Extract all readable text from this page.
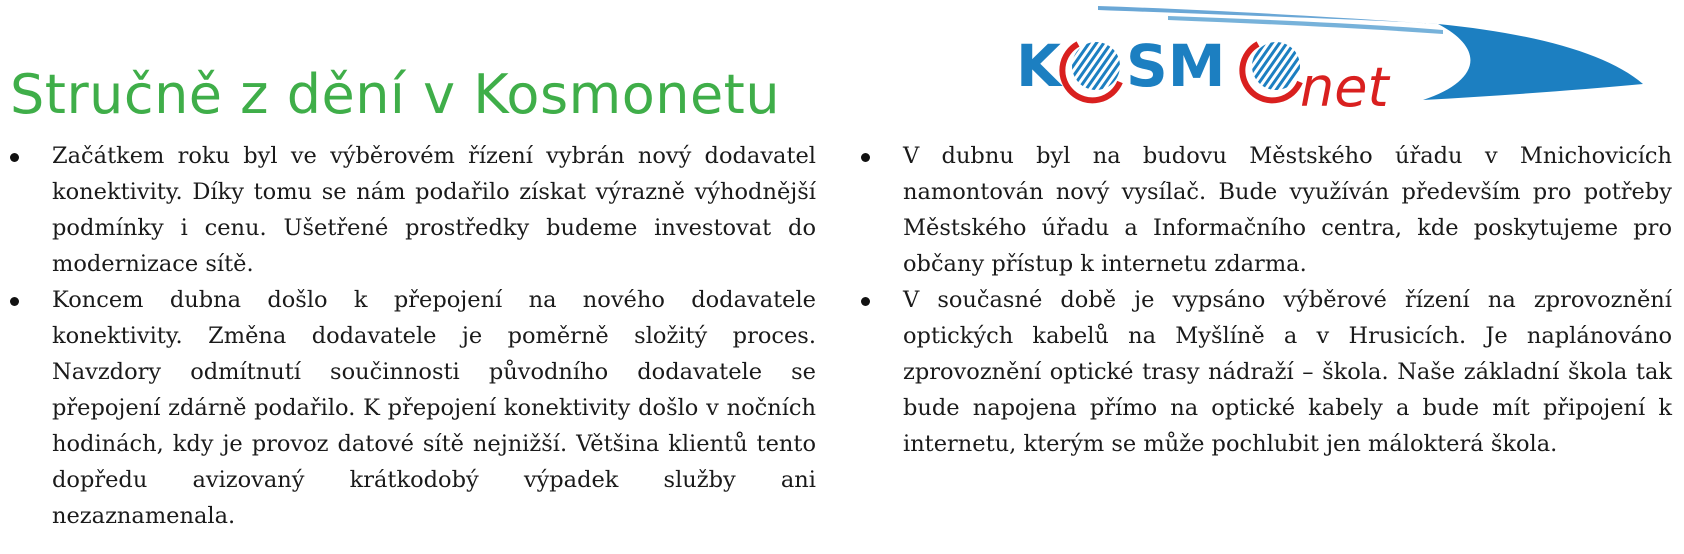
Stručně z dění v Kosmonetu	K SM net
Začátkem roku byl ve výběrovém řízení vybrán nový dodavatel konektivity. Díky tomu se nám podařilo získat výrazně výhodnější podmínky i cenu. Ušetřené prostředky budeme investovat do modernizace sítě.
Koncem dubna došlo k přepojení na nového dodavatele konektivity. Změna dodavatele je poměrně složitý proces. Navzdory odmítnutí součinnosti původního dodavatele se přepojení zdárně podařilo. K přepojení konektivity došlo v nočních hodinách, kdy je provoz datové sítě nejnižší. Většina klientů tento dopředu avizovaný krátkodobý výpadek služby ani nezaznamenala.
V dubnu byl na budovu Městského úřadu v Mnichovicích namontován nový vysílač. Bude využíván především pro potřeby Městského úřadu a Informačního centra, kde poskytujeme pro občany přístup k internetu zdarma.
V současné době je vypsáno výběrové řízení na zprovoznění optických kabelů na Myšlíně a v Hrusicích. Je naplánováno zprovoznění optické trasy nádraží – škola. Naše základní škola tak bude napojena přímo na optické kabely a bude mít připojení k internetu, kterým se může pochlubit jen málokterá škola.
